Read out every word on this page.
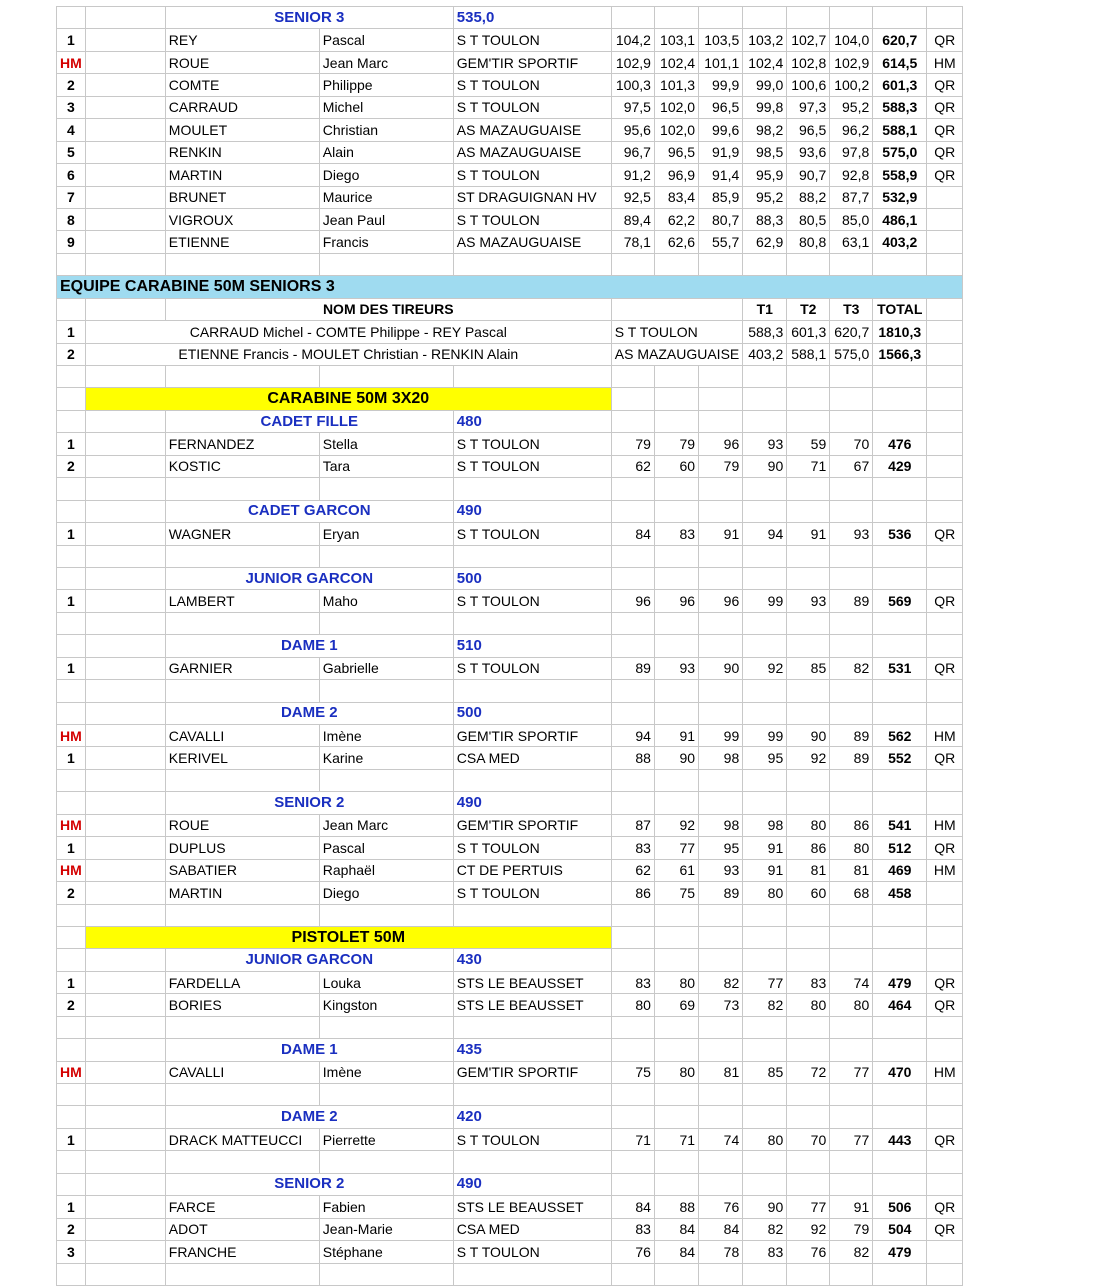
		SENIOR 3		535,0								
1		REY	Pascal	S T TOULON	104,2	103,1	103,5	103,2	102,7	104,0	620,7	QR
HM		ROUE	Jean Marc	GEM'TIR SPORTIF	102,9	102,4	101,1	102,4	102,8	102,9	614,5	HM
2		COMTE	Philippe	S T TOULON	100,3	101,3	99,9	99,0	100,6	100,2	601,3	QR
3		CARRAUD	Michel	S T TOULON	97,5	102,0	96,5	99,8	97,3	95,2	588,3	QR
4		MOULET	Christian	AS MAZAUGUAISE	95,6	102,0	99,6	98,2	96,5	96,2	588,1	QR
5		RENKIN	Alain	AS MAZAUGUAISE	96,7	96,5	91,9	98,5	93,6	97,8	575,0	QR
6		MARTIN	Diego	S T TOULON	91,2	96,9	91,4	95,9	90,7	92,8	558,9	QR
7		BRUNET	Maurice	ST DRAGUIGNAN HV	92,5	83,4	85,9	95,2	88,2	87,7	532,9	
8		VIGROUX	Jean Paul	S T TOULON	89,4	62,2	80,7	88,3	80,5	85,0	486,1	
9		ETIENNE	Francis	AS MAZAUGUAISE	78,1	62,6	55,7	62,9	80,8	63,1	403,2	

EQUIPE CARABINE 50M SENIORS 3												
		NOM DES TIREURS						T1	T2	T3	TOTAL	
1	CARRAUD Michel - COMTE Philippe - REY Pascal				S T TOULON			588,3	601,3	620,7	1810,3	
2	ETIENNE Francis - MOULET Christian - RENKIN Alain				AS MAZAUGUAISE			403,2	588,1	575,0	1566,3	

	CARABINE 50M 3X20											
		CADET FILLE		480								
1		FERNANDEZ	Stella	S T TOULON	79	79	96	93	59	70	476	
2		KOSTIC	Tara	S T TOULON	62	60	79	90	71	67	429	

		CADET GARCON		490								
1		WAGNER	Eryan	S T TOULON	84	83	91	94	91	93	536	QR

		JUNIOR GARCON		500								
1		LAMBERT	Maho	S T TOULON	96	96	96	99	93	89	569	QR

		DAME 1		510								
1		GARNIER	Gabrielle	S T TOULON	89	93	90	92	85	82	531	QR

		DAME 2		500								
HM		CAVALLI	Imène	GEM'TIR SPORTIF	94	91	99	99	90	89	562	HM
1		KERIVEL	Karine	CSA MED	88	90	98	95	92	89	552	QR

		SENIOR 2		490								
HM		ROUE	Jean Marc	GEM'TIR SPORTIF	87	92	98	98	80	86	541	HM
1		DUPLUS	Pascal	S T TOULON	83	77	95	91	86	80	512	QR
HM		SABATIER	Raphaël	CT DE PERTUIS	62	61	93	91	81	81	469	HM
2		MARTIN	Diego	S T TOULON	86	75	89	80	60	68	458	

	PISTOLET 50M											
		JUNIOR GARCON		430								
1		FARDELLA	Louka	STS LE BEAUSSET	83	80	82	77	83	74	479	QR
2		BORIES	Kingston	STS LE BEAUSSET	80	69	73	82	80	80	464	QR

		DAME 1		435								
HM		CAVALLI	Imène	GEM'TIR SPORTIF	75	80	81	85	72	77	470	HM

		DAME 2		420								
1		DRACK MATTEUCCI	Pierrette	S T TOULON	71	71	74	80	70	77	443	QR

		SENIOR 2		490								
1		FARCE	Fabien	STS LE BEAUSSET	84	88	76	90	77	91	506	QR
2		ADOT	Jean-Marie	CSA MED	83	84	84	82	92	79	504	QR
3		FRANCHE	Stéphane	S T TOULON	76	84	78	83	76	82	479	
